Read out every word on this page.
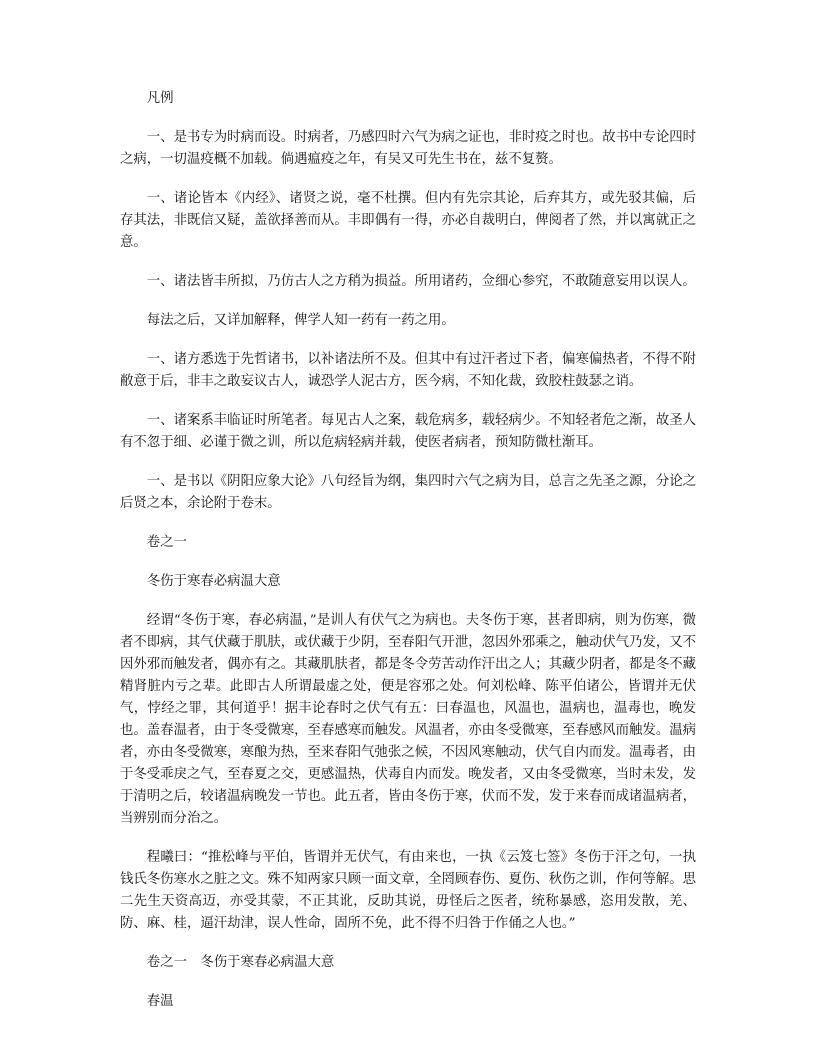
凡例

一、是书专为时病而设。时病者，乃感四时六气为病之证也，非时疫之时也。故书中专论四时之病，一切温疫概不加载。倘遇瘟疫之年，有吴又可先生书在，兹不复赘。

一、诸论皆本《内经》、诸贤之说，毫不杜撰。但内有先宗其论，后弃其方，或先驳其偏，后存其法，非既信又疑，盖欲择善而从。丰即偶有一得，亦必自裁明白，俾阅者了然，并以寓就正之意。

一、诸法皆丰所拟，乃仿古人之方稍为损益。所用诸药，佥细心参究，不敢随意妄用以误人。

每法之后，又详加解释，俾学人知一药有一药之用。

一、诸方悉选于先哲诸书，以补诸法所不及。但其中有过汗者过下者，偏寒偏热者，不得不附敝意于后，非丰之敢妄议古人，诚恐学人泥古方，医今病，不知化裁，致胶柱鼓瑟之诮。

一、诸案系丰临证时所笔者。每见古人之案，载危病多，载轻病少。不知轻者危之渐，故圣人有不忽于细、必谨于微之训，所以危病轻病并载，使医者病者，预知防微杜渐耳。

一、是书以《阴阳应象大论》八句经旨为纲，集四时六气之病为目，总言之先圣之源，分论之后贤之本，余论附于卷末。

卷之一

冬伤于寒春必病温大意

经谓“冬伤于寒，春必病温，”是训人有伏气之为病也。夫冬伤于寒，甚者即病，则为伤寒，微者不即病，其气伏藏于肌肤，或伏藏于少阴，至春阳气开泄，忽因外邪乘之，触动伏气乃发，又不因外邪而触发者，偶亦有之。其藏肌肤者，都是冬令劳苦动作汗出之人；其藏少阴者，都是冬不藏精肾脏内亏之辈。此即古人所谓最虚之处，便是容邪之处。何刘松峰、陈平伯诸公，皆谓并无伏气，悖经之罪，其何道乎！据丰论春时之伏气有五：曰春温也，风温也，温病也，温毒也，晚发也。盖春温者，由于冬受微寒，至春感寒而触发。风温者，亦由冬受微寒，至春感风而触发。温病者，亦由冬受微寒，寒酿为热，至来春阳气弛张之候，不因风寒触动，伏气自内而发。温毒者，由于冬受乖戾之气，至春夏之交，更感温热，伏毒自内而发。晚发者，又由冬受微寒，当时未发，发于清明之后，较诸温病晚发一节也。此五者，皆由冬伤于寒，伏而不发，发于来春而成诸温病者，当辨别而分治之。

程曦曰：“推松峰与平伯，皆谓并无伏气，有由来也，一执《云笈七签》冬伤于汗之句，一执钱氏冬伤寒水之脏之文。殊不知两家只顾一面文章，全罔顾春伤、夏伤、秋伤之训，作何等解。思二先生天资高迈，亦受其蒙，不正其讹，反助其说，毋怪后之医者，统称暴感，恣用发散，羌、防、麻、桂，逼汗劫津，误人性命，固所不免，此不得不归咎于作俑之人也。”

卷之一　冬伤于寒春必病温大意

春温
